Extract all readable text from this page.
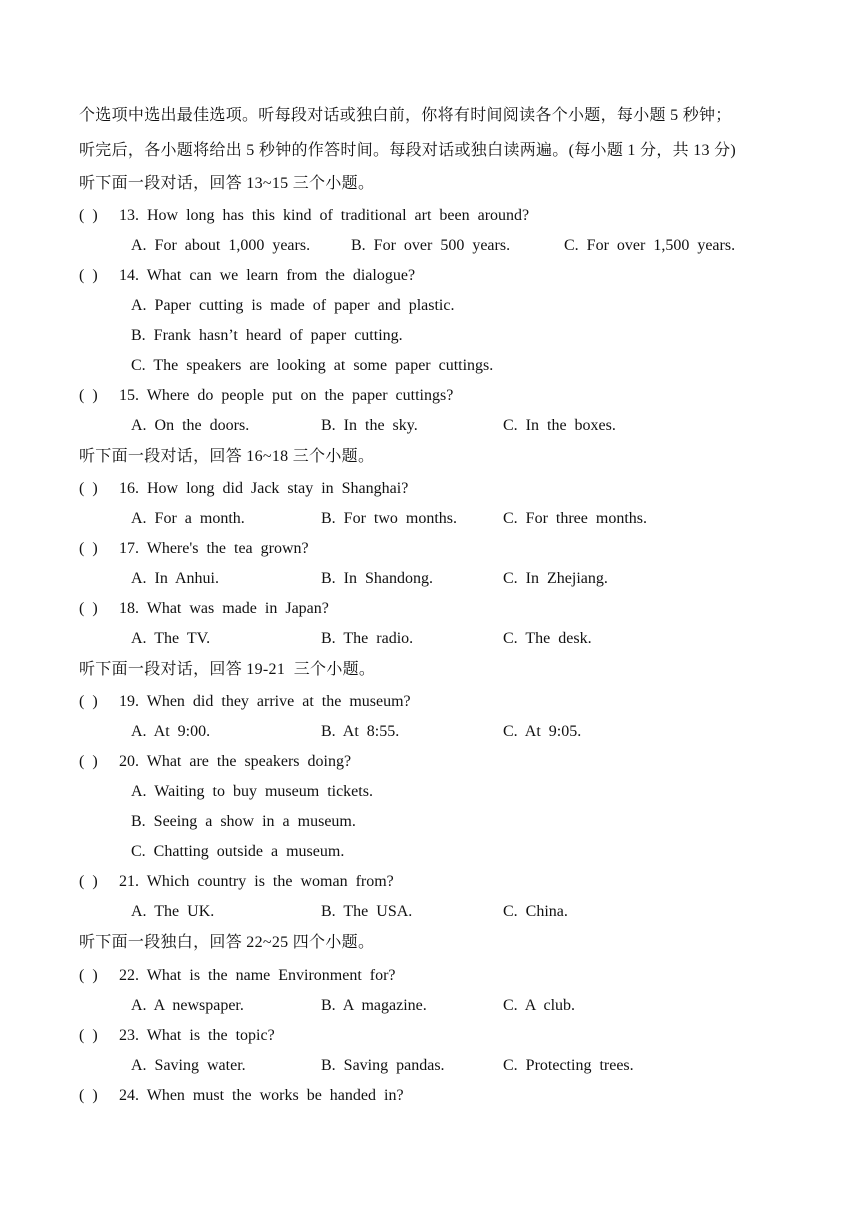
个选项中选出最佳选项。听每段对话或独白前，你将有时间阅读各个小题，每小题 5 秒钟；
听完后，各小题将给出 5 秒钟的作答时间。每段对话或独白读两遍。(每小题 1 分，共 13 分)
听下面一段对话，回答 13~15 三个小题。
( ) 13. How long has this kind of traditional art been around?
A. For about 1,000 years.	B. For over 500 years.	C. For over 1,500 years.
( ) 14. What can we learn from the dialogue?
A. Paper cutting is made of paper and plastic.
B. Frank hasn’t heard of paper cutting.
C. The speakers are looking at some paper cuttings.
( ) 15. Where do people put on the paper cuttings?
A. On the doors.	B. In the sky.	C. In the boxes.
听下面一段对话，回答 16~18 三个小题。
( ) 16. How long did Jack stay in Shanghai?
A. For a month.	B. For two months.	C. For three months.
( ) 17. Where's the tea grown?
A. In Anhui.	B. In Shandong.	C. In Zhejiang.
( ) 18. What was made in Japan?
A. The TV.	B. The radio.	C. The desk.
听下面一段对话，回答 19-21  三个小题。
( ) 19. When did they arrive at the museum?
A. At 9:00.	B. At 8:55.	C. At 9:05.
( ) 20. What are the speakers doing?
A. Waiting to buy museum tickets.
B. Seeing a show in a museum.
C. Chatting outside a museum.
( ) 21. Which country is the woman from?
A. The UK.	B. The USA.	C. China.
听下面一段独白，回答 22~25 四个小题。
( ) 22. What is the name Environment for?
A. A newspaper.	B. A magazine.	C. A club.
( ) 23. What is the topic?
A. Saving water.	B. Saving pandas.	C. Protecting trees.
( ) 24. When must the works be handed in?
